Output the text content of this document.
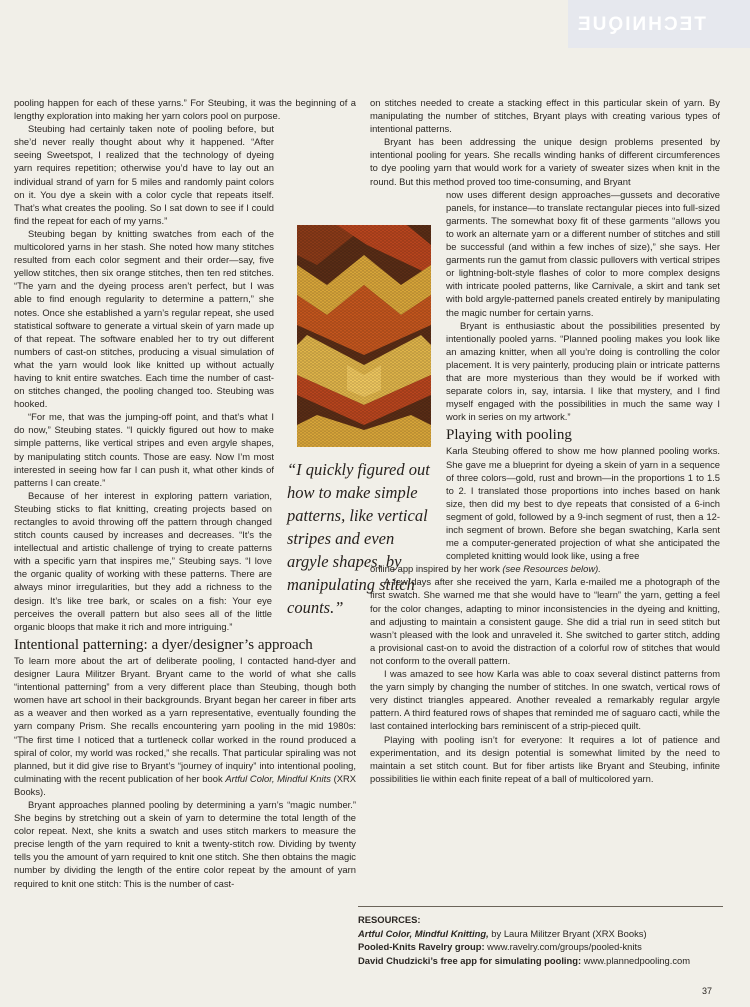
TECHNIQUE

pooling happen for each of these yarns.” For Steubing, it was the beginning of a lengthy exploration into making her yarn colors pool on purpose.

Steubing had certainly taken note of pooling before, but she’d never really thought about why it happened. “After seeing Sweetspot, I realized that the technology of dyeing yarn requires repetition; otherwise you’d have to lay out an individual strand of yarn for 5 miles and randomly paint colors on it. You dye a skein with a color cycle that repeats itself. That’s what creates the pooling. So I sat down to see if I could find the repeat for each of my yarns.”

Steubing began by knitting swatches from each of the multicolored yarns in her stash. She noted how many stitches resulted from each color segment and their order—say, five yellow stitches, then six orange stitches, then ten red stitches. “The yarn and the dyeing process aren’t perfect, but I was able to find enough regularity to determine a pattern,” she notes. Once she established a yarn’s regular repeat, she used statistical software to generate a virtual skein of yarn made up of that repeat. The software enabled her to try out different numbers of cast-on stitches, producing a visual simulation of what the yarn would look like knitted up without actually having to knit entire swatches. Each time the number of cast-on stitches changed, the pooling changed too. Steubing was hooked.

“For me, that was the jumping-off point, and that’s what I do now,” Steubing states. “I quickly figured out how to make simple patterns, like vertical stripes and even argyle shapes, by manipulating stitch counts. Those are easy. Now I’m most interested in seeing how far I can push it, what other kinds of patterns I can create.”

Because of her interest in exploring pattern variation, Steubing sticks to flat knitting, creating projects based on rectangles to avoid throwing off the pattern through changed stitch counts caused by increases and decreases. “It’s the intellectual and artistic challenge of trying to create patterns with a specific yarn that inspires me,” Steubing says. “I love the organic quality of working with these patterns. There are always minor irregularities, but they add a richness to the design. It’s like tree bark, or scales on a fish: Your eye perceives the overall pattern but also sees all of the little organic bloops that make it rich and more intriguing.”

Intentional patterning: a dyer/designer’s approach

To learn more about the art of deliberate pooling, I contacted hand-dyer and designer Laura Militzer Bryant. Bryant came to the world of what she calls “intentional patterning” from a very different place than Steubing, though both women have art school in their backgrounds. Bryant began her career in fiber arts as a weaver and then worked as a yarn representative, eventually founding the yarn company Prism. She recalls encountering yarn pooling in the mid 1980s: “The first time I noticed that a turtleneck collar worked in the round produced a spiral of color, my world was rocked,” she recalls. That particular spiraling was not planned, but it did give rise to Bryant’s “journey of inquiry” into intentional pooling, culminating with the recent publication of her book Artful Color, Mindful Knits (XRX Books).

Bryant approaches planned pooling by determining a yarn’s “magic number.” She begins by stretching out a skein of yarn to determine the total length of the color repeat. Next, she knits a swatch and uses stitch markers to measure the precise length of the yarn required to knit a twenty-stitch row. Dividing by twenty tells you the amount of yarn required to knit one stitch. She then obtains the magic number by dividing the length of the entire color repeat by the amount of yarn required to knit one stitch: This is the number of cast-

“I quickly figured out how to make simple patterns, like vertical stripes and even argyle shapes, by manipulating stitch counts.”

on stitches needed to create a stacking effect in this particular skein of yarn. By manipulating the number of stitches, Bryant plays with creating various types of intentional patterns.

Bryant has been addressing the unique design problems presented by intentional pooling for years. She recalls winding hanks of different circumferences to dye pooling yarn that would work for a variety of sweater sizes when knit in the round. But this method proved too time-consuming, and Bryant

now uses different design approaches—gussets and decorative panels, for instance—to translate rectangular pieces into full-sized garments. The somewhat boxy fit of these garments “allows you to work an alternate yarn or a different number of stitches and still be successful (and within a few inches of size),” she says. Her garments run the gamut from classic pullovers with vertical stripes or lightning-bolt-style flashes of color to more complex designs with intricate pooled patterns, like Carnivale, a skirt and tank set with bold argyle-patterned panels created entirely by manipulating the magic number for certain yarns.

Bryant is enthusiastic about the possibilities presented by intentionally pooled yarns. “Planned pooling makes you look like an amazing knitter, when all you’re doing is controlling the color placement. It is very painterly, producing plain or intricate patterns that are more mysterious than they would be if worked with separate colors in, say, intarsia. I like that mystery, and I find myself engaged with the possibilities in much the same way I work in series on my artwork.”

Playing with pooling

Karla Steubing offered to show me how planned pooling works. She gave me a blueprint for dyeing a skein of yarn in a sequence of three colors—gold, rust and brown—in the proportions 1 to 1.5 to 2. I translated those proportions into inches based on hank size, then did my best to dye repeats that consisted of a 6-inch segment of gold, followed by a 9-inch segment of rust, then a 12-inch segment of brown. Before she began swatching, Karla sent me a computer-generated projection of what she anticipated the completed knitting would look like, using a free

online app inspired by her work (see Resources below).

A few days after she received the yarn, Karla e-mailed me a photograph of the first swatch. She warned me that she would have to “learn” the yarn, getting a feel for the color changes, adapting to minor inconsistencies in the dyeing and knitting, and adjusting to maintain a consistent gauge. She did a trial run in seed stitch but wasn’t pleased with the look and unraveled it. She switched to garter stitch, adding a provisional cast-on to avoid the distraction of a colorful row of stitches that would not conform to the overall pattern.

I was amazed to see how Karla was able to coax several distinct patterns from the yarn simply by changing the number of stitches. In one swatch, vertical rows of very distinct triangles appeared. Another revealed a remarkably regular argyle pattern. A third featured rows of shapes that reminded me of saguaro cacti, while the last contained interlocking bars reminiscent of a strip-pieced quilt.

Playing with pooling isn’t for everyone: It requires a lot of patience and experimentation, and its design potential is somewhat limited by the need to maintain a set stitch count. But for fiber artists like Bryant and Steubing, infinite possibilities lie within each finite repeat of a ball of multicolored yarn.

RESOURCES:
Artful Color, Mindful Knitting, by Laura Militzer Bryant (XRX Books)
Pooled-Knits Ravelry group: www.ravelry.com/groups/pooled-knits
David Chudzicki’s free app for simulating pooling: www.plannedpooling.com
37
